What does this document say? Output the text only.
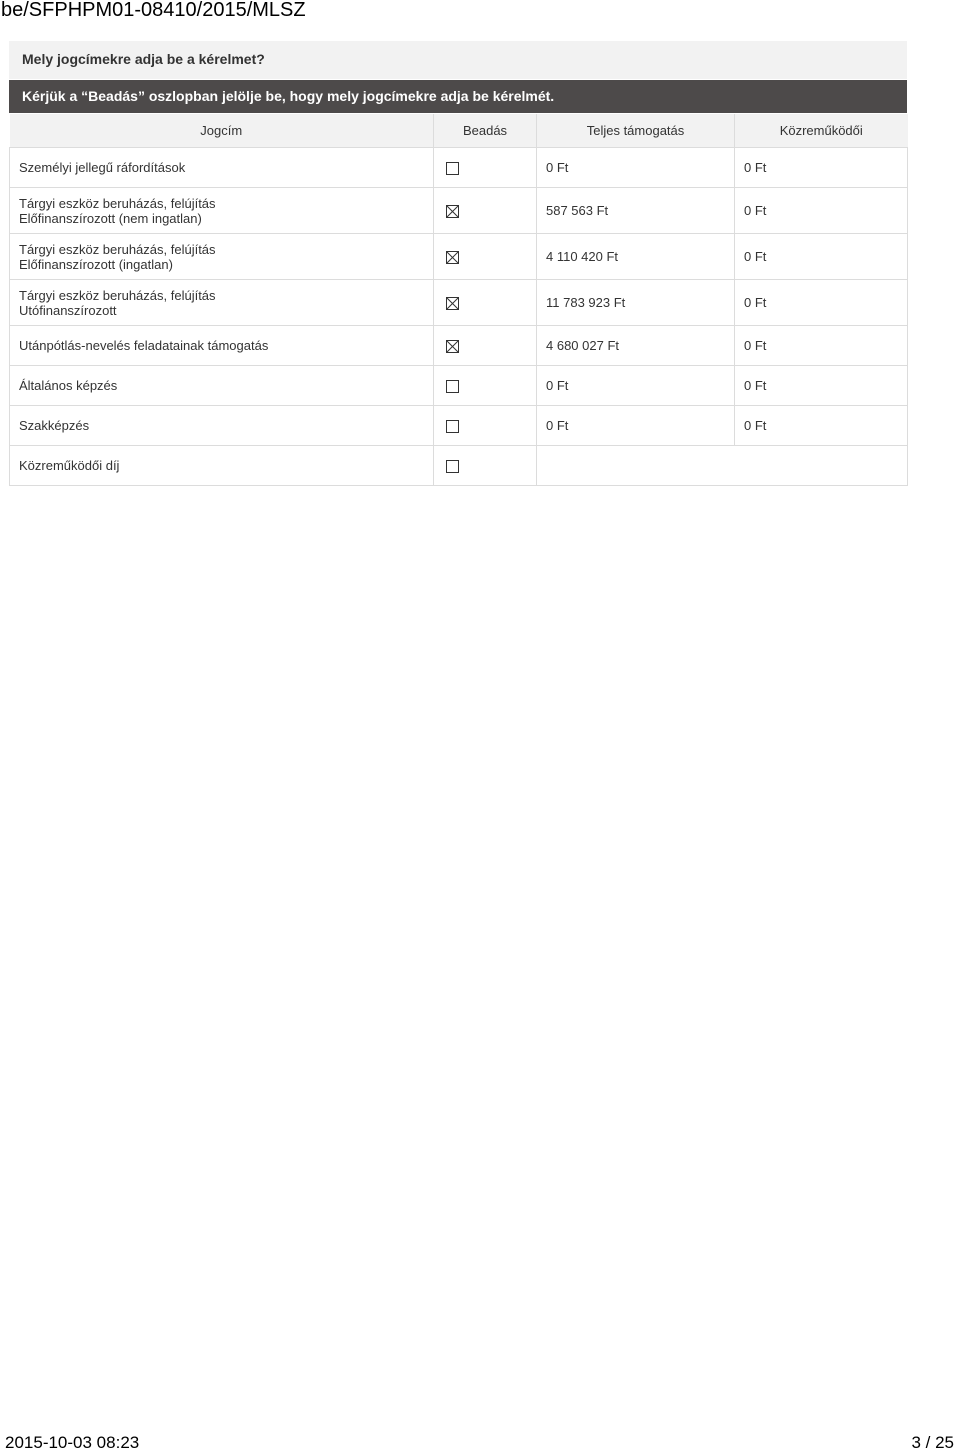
be/SFPHPM01-08410/2015/MLSZ
Mely jogcímekre adja be a kérelmet?
Kérjük a “Beadás” oszlopban jelölje be, hogy mely jogcímekre adja be kérelmét.
Jogcím	Beadás	Teljes támogatás	Közreműködői

Személyi jellegű ráfordítások		0 Ft	0 Ft

Tárgyi eszköz beruházás, felújítás
Előfinanszírozott (nem ingatlan)		587 563 Ft	0 Ft

Tárgyi eszköz beruházás, felújítás
Előfinanszírozott (ingatlan)		4 110 420 Ft	0 Ft

Tárgyi eszköz beruházás, felújítás
Utófinanszírozott		11 783 923 Ft	0 Ft

Utánpótlás-nevelés feladatainak támogatás		4 680 027 Ft	0 Ft

Általános képzés		0 Ft	0 Ft

Szakképzés		0 Ft	0 Ft

Közreműködői díj			

2015-10-03 08:23	3 / 25
